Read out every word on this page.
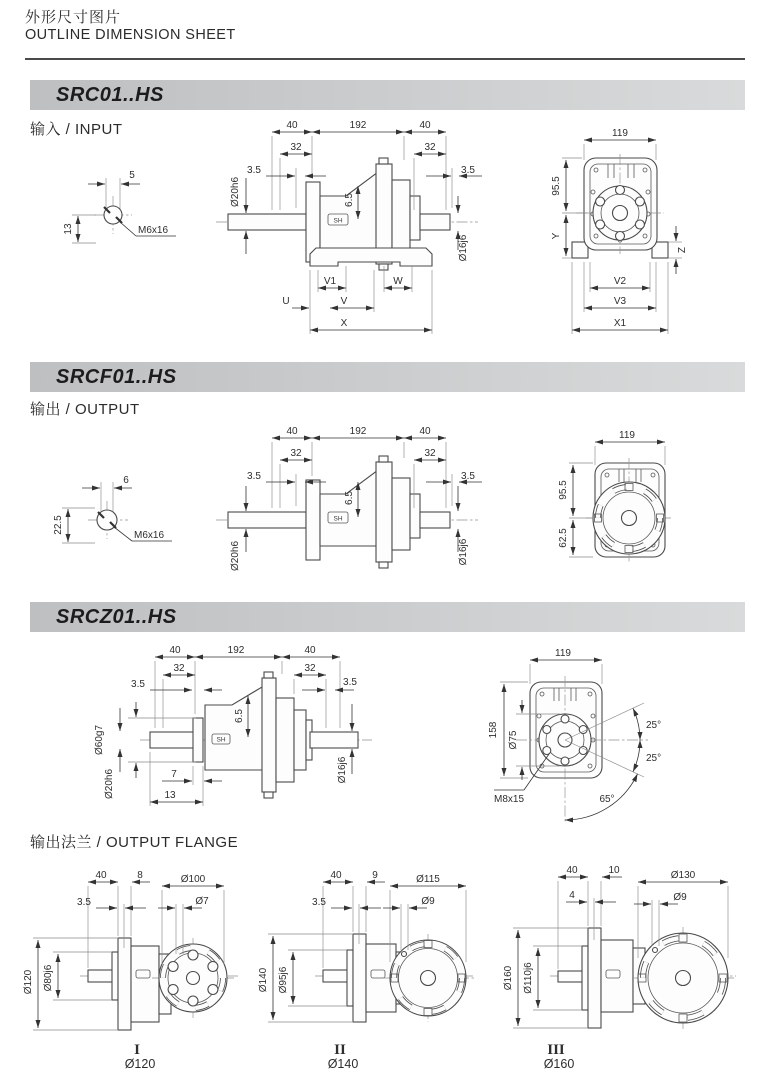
外形尺寸图片
OUTLINE DIMENSION SHEET
SRC01..HS
输入 / INPUT
5
13	M6x16
SH
40	192	40
32	32
3.5	3.5
Ø20h6	6.5
Ø16j6
V1	W
U	V
X
119
95.5
Y
Z
V2
V3
X1
SRCF01..HS
输出 / OUTPUT
6
22.5
M6x16
SH
40	192	40
32	32
3.5	3.5
6.5
Ø20h6	Ø16j6
119
95.5
62.5
SRCZ01..HS
SH
40	192	40
32	32
3.5	3.5
6.5
Ø60g7
Ø20h6	7
13
Ø16j6
119
158
Ø75
M8x15
25°
25°
65°
输出法兰 / OUTPUT FLANGE
40	8
3.5
Ø120 Ø80j6
Ø100
Ø7
I
Ø120
40	9
3.5
Ø140 Ø95j6
Ø115
Ø9
II
Ø140
40	10
4
Ø160 Ø110j6
Ø130
Ø9
III
Ø160
